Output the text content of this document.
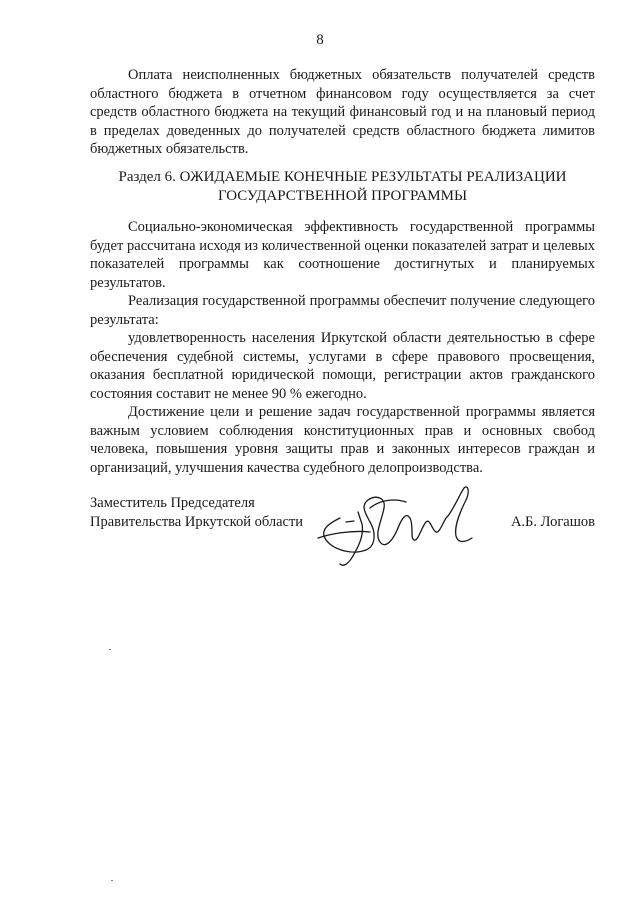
8

Оплата неисполненных бюджетных обязательств получателей средств областного бюджета в отчетном финансовом году осуществляется за счет средств областного бюджета на текущий финансовый год и на плановый период в пределах доведенных до получателей средств областного бюджета лимитов бюджетных обязательств.

Раздел 6. ОЖИДАЕМЫЕ КОНЕЧНЫЕ РЕЗУЛЬТАТЫ РЕАЛИЗАЦИИ ГОСУДАРСТВЕННОЙ ПРОГРАММЫ

Социально-экономическая эффективность государственной программы будет рассчитана исходя из количественной оценки показателей затрат и целевых показателей программы как соотношение достигнутых и планируемых результатов.

Реализация государственной программы обеспечит получение следующего результата:

удовлетворенность населения Иркутской области деятельностью в сфере обеспечения судебной системы, услугами в сфере правового просвещения, оказания бесплатной юридической помощи, регистрации актов гражданского состояния составит не менее 90 % ежегодно.

Достижение цели и решение задач государственной программы является важным условием соблюдения конституционных прав и основных свобод человека, повышения уровня защиты прав и законных интересов граждан и организаций, улучшения качества судебного делопроизводства.

Заместитель Председателя
Правительства Иркутской области	А.Б. Логашов
